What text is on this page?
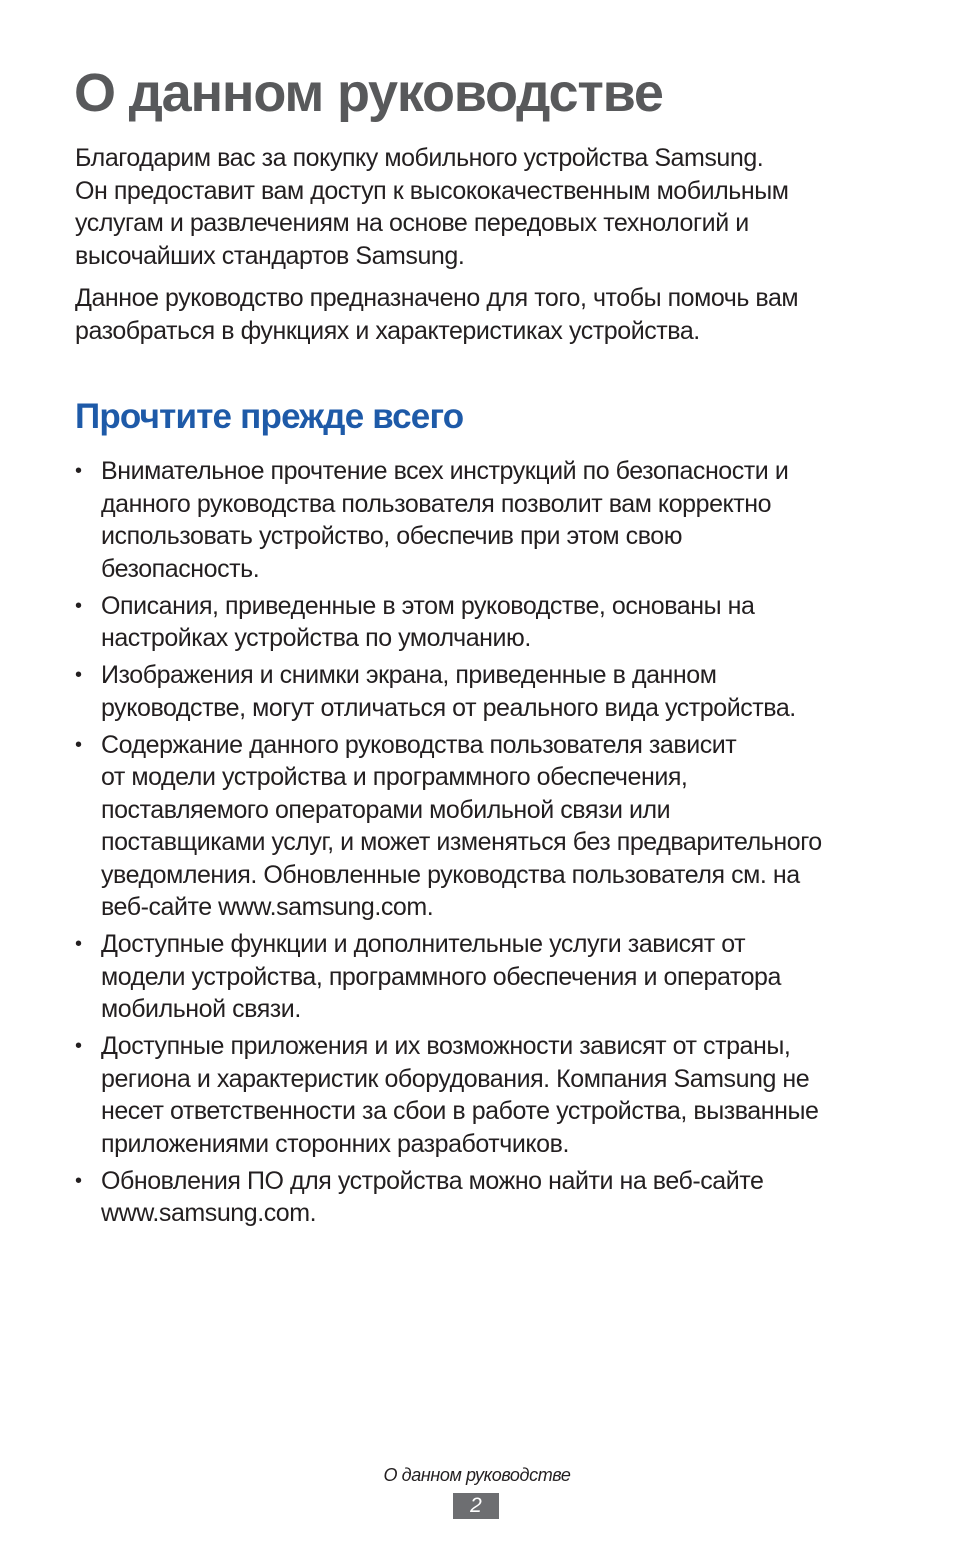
О данном руководстве

Благодарим вас за покупку мобильного устройства Samsung.
Он предоставит вам доступ к высококачественным мобильным
услугам и развлечениям на основе передовых технологий и
высочайших стандартов Samsung.

Данное руководство предназначено для того, чтобы помочь вам
разобраться в функциях и характеристиках устройства.

Прочтите прежде всего
• Внимательное прочтение всех инструкций по безопасности и
данного руководства пользователя позволит вам корректно
использовать устройство, обеспечив при этом свою
безопасность.
• Описания, приведенные в этом руководстве, основаны на
настройках устройства по умолчанию.
• Изображения и снимки экрана, приведенные в данном
руководстве, могут отличаться от реального вида устройства.
• Содержание данного руководства пользователя зависит
от модели устройства и программного обеспечения,
поставляемого операторами мобильной связи или
поставщиками услуг, и может изменяться без предварительного
уведомления. Обновленные руководства пользователя см. на
веб-сайте www.samsung.com.
• Доступные функции и дополнительные услуги зависят от
модели устройства, программного обеспечения и оператора
мобильной связи.
• Доступные приложения и их возможности зависят от страны,
региона и характеристик оборудования. Компания Samsung не
несет ответственности за сбои в работе устройства, вызванные
приложениями сторонних разработчиков.
• Обновления ПО для устройства можно найти на веб-сайте
www.samsung.com.
О данном руководстве
2
